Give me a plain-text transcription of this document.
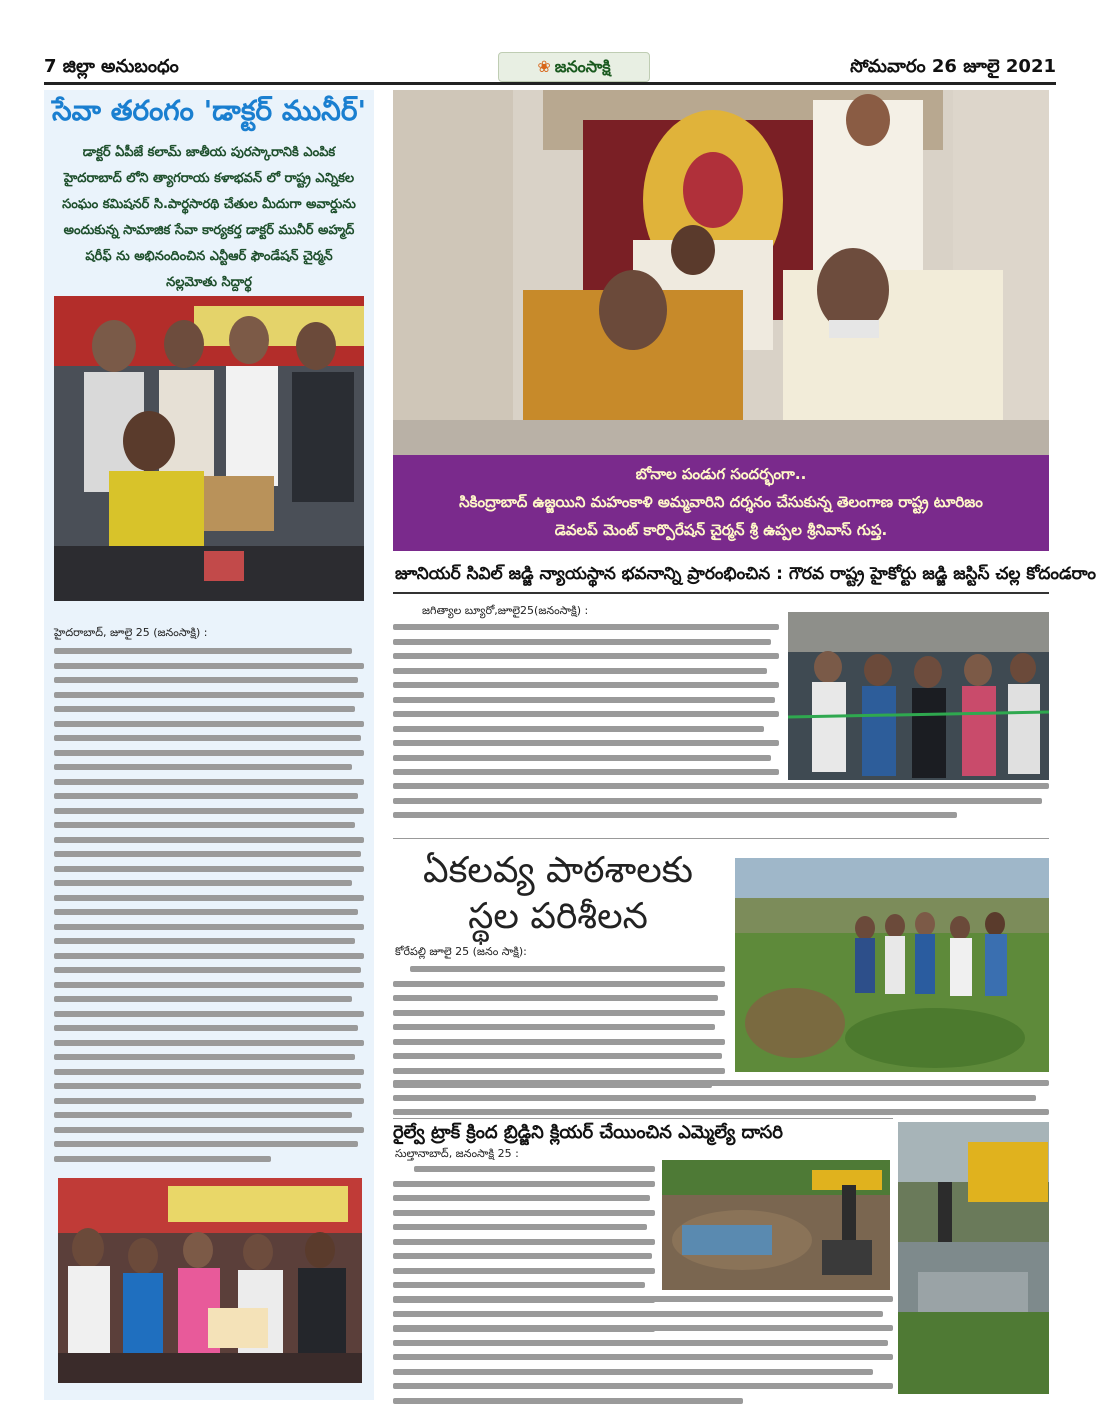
7 జిల్లా అనుబంధం	❀ జనంసాక్షి	సోమవారం 26 జూలై 2021
సేవా తరంగం 'డాక్టర్ మునీర్'
డాక్టర్ ఏపీజే కలామ్ జాతీయ పురస్కారానికి ఎంపిక హైదరాబాద్ లోని త్యాగరాయ కళాభవన్ లో రాష్ట్ర ఎన్నికల సంఘం కమిషనర్ సి.పార్థసారథి చేతుల మీదుగా అవార్డును అందుకున్న సామాజిక సేవా కార్యకర్త డాక్టర్ మునీర్ అహ్మద్ షరీఫ్ ను అభినందించిన ఎన్టీఆర్ ఫౌండేషన్ చైర్మన్ నల్లమోతు సిద్దార్థ
హైదరాబాద్, జూలై 25 (జనంసాక్షి) :
బోనాల పండుగ సందర్భంగా..
సికింద్రాబాద్ ఉజ్జయిని మహంకాళి అమ్మవారిని దర్శనం చేసుకున్న తెలంగాణ రాష్ట్ర టూరిజం
డెవలప్ మెంట్ కార్పొరేషన్ చైర్మన్ శ్రీ ఉప్పల శ్రీనివాస్ గుప్త.
జూనియర్ సివిల్ జడ్జి న్యాయస్థాన భవనాన్ని ప్రారంభించిన : గౌరవ రాష్ట్ర హైకోర్టు జడ్జి జస్టిస్ చల్ల కోదండరాం
జగిత్యాల బ్యూరో,జూలై25(జనంసాక్షి) :
ఏకలవ్య పాఠశాలకు
స్థల పరిశీలన
కోరేపల్లి జూలై 25 (జనం సాక్షి):
రైల్వే ట్రాక్ క్రింద బ్రిడ్జిని క్లియర్ చేయించిన ఎమ్మెల్యే దాసరి
సుల్తానాబాద్, జనంసాక్షి 25 :
